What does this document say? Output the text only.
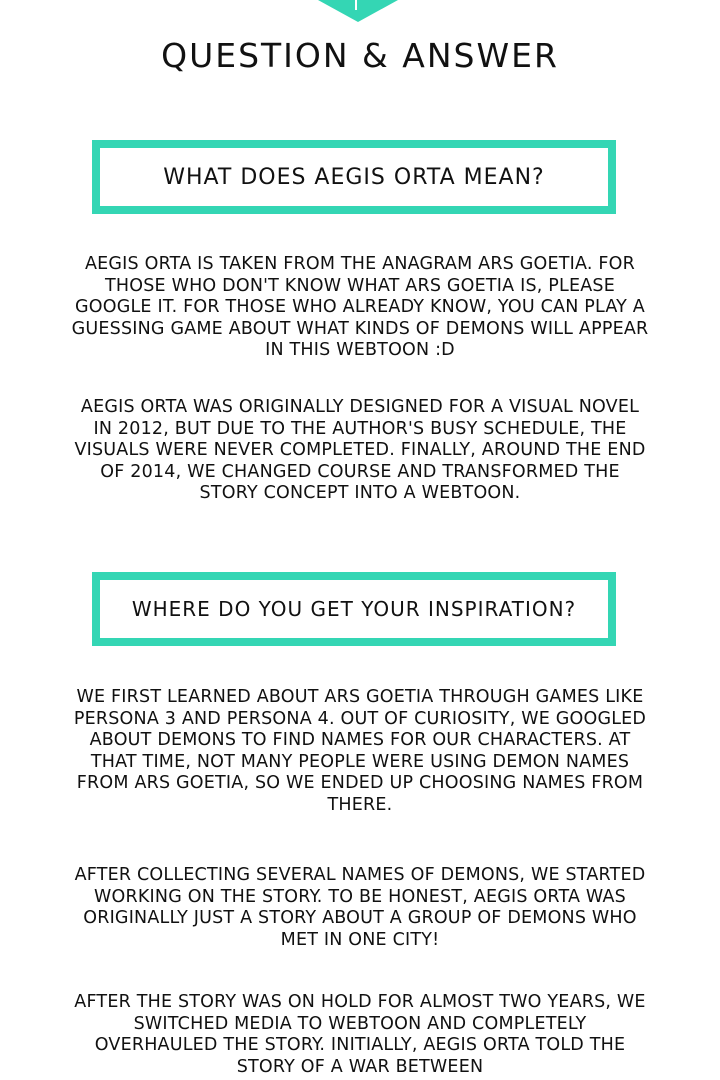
QUESTION & ANSWER
WHAT DOES AEGIS ORTA MEAN?
AEGIS ORTA IS TAKEN FROM THE ANAGRAM ARS GOETIA. FOR THOSE WHO DON'T KNOW WHAT ARS GOETIA IS, PLEASE GOOGLE IT. FOR THOSE WHO ALREADY KNOW, YOU CAN PLAY A GUESSING GAME ABOUT WHAT KINDS OF DEMONS WILL APPEAR IN THIS WEBTOON :D
AEGIS ORTA WAS ORIGINALLY DESIGNED FOR A VISUAL NOVEL IN 2012, BUT DUE TO THE AUTHOR'S BUSY SCHEDULE, THE VISUALS WERE NEVER COMPLETED. FINALLY, AROUND THE END OF 2014, WE CHANGED COURSE AND TRANSFORMED THE STORY CONCEPT INTO A WEBTOON.
WHERE DO YOU GET YOUR INSPIRATION?
WE FIRST LEARNED ABOUT ARS GOETIA THROUGH GAMES LIKE PERSONA 3 AND PERSONA 4. OUT OF CURIOSITY, WE GOOGLED ABOUT DEMONS TO FIND NAMES FOR OUR CHARACTERS. AT THAT TIME, NOT MANY PEOPLE WERE USING DEMON NAMES FROM ARS GOETIA, SO WE ENDED UP CHOOSING NAMES FROM THERE.
AFTER COLLECTING SEVERAL NAMES OF DEMONS, WE STARTED WORKING ON THE STORY. TO BE HONEST, AEGIS ORTA WAS ORIGINALLY JUST A STORY ABOUT A GROUP OF DEMONS WHO MET IN ONE CITY!
AFTER THE STORY WAS ON HOLD FOR ALMOST TWO YEARS, WE SWITCHED MEDIA TO WEBTOON AND COMPLETELY OVERHAULED THE STORY. INITIALLY, AEGIS ORTA TOLD THE STORY OF A WAR BETWEEN
